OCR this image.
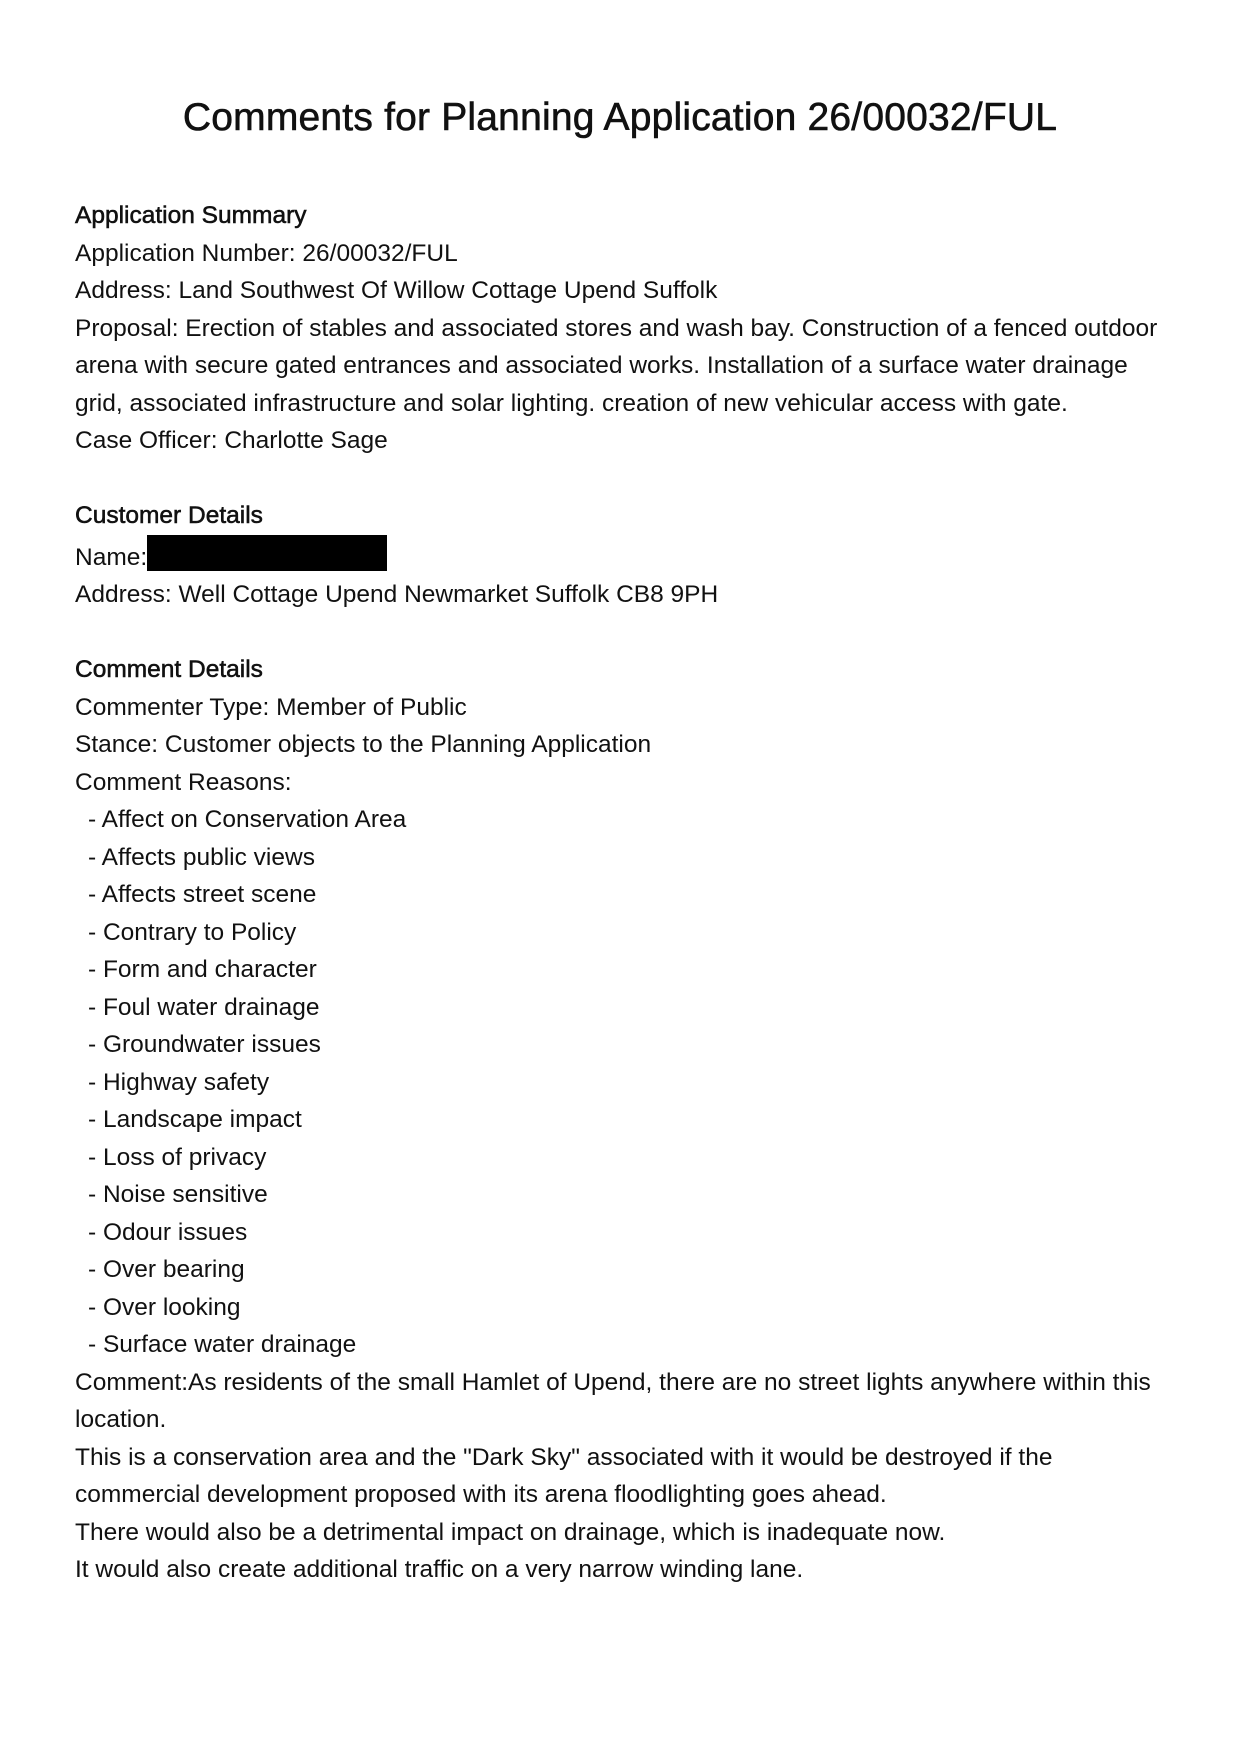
Comments for Planning Application 26/00032/FUL

Application Summary

Application Number: 26/00032/FUL

Address: Land Southwest Of Willow Cottage Upend Suffolk

Proposal: Erection of stables and associated stores and wash bay. Construction of a fenced outdoor arena with secure gated entrances and associated works. Installation of a surface water drainage grid, associated infrastructure and solar lighting. creation of new vehicular access with gate.

Case Officer: Charlotte Sage

Customer Details

Name:

Address: Well Cottage Upend Newmarket Suffolk CB8 9PH

Comment Details

Commenter Type: Member of Public

Stance: Customer objects to the Planning Application

Comment Reasons:

- Affect on Conservation Area
- Affects public views
- Affects street scene
- Contrary to Policy
- Form and character
- Foul water drainage
- Groundwater issues
- Highway safety
- Landscape impact
- Loss of privacy
- Noise sensitive
- Odour issues
- Over bearing
- Over looking
- Surface water drainage

Comment:As residents of the small Hamlet of Upend, there are no street lights anywhere within this location.

This is a conservation area and the "Dark Sky" associated with it would be destroyed if the commercial development proposed with its arena floodlighting goes ahead.

There would also be a detrimental impact on drainage, which is inadequate now.

It would also create additional traffic on a very narrow winding lane.
